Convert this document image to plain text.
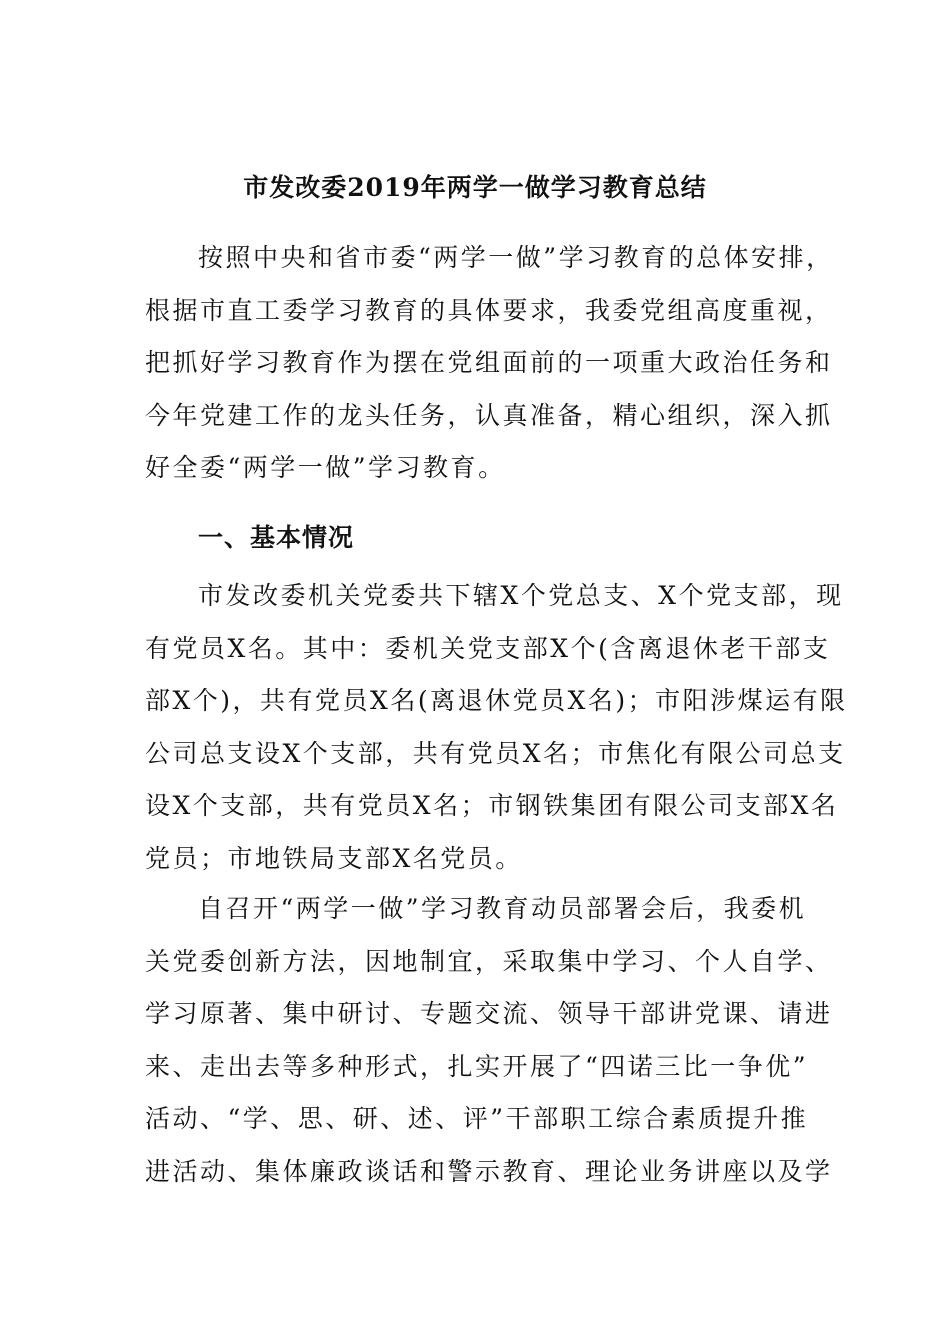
市发改委2019年两学一做学习教育总结
按照中央和省市委“两学一做”学习教育的总体安排，
根据市直工委学习教育的具体要求，我委党组高度重视，
把抓好学习教育作为摆在党组面前的一项重大政治任务和
今年党建工作的龙头任务，认真准备，精心组织，深入抓
好全委“两学一做”学习教育。
一、基本情况
市发改委机关党委共下辖X个党总支、X个党支部，现
有党员X名。其中：委机关党支部X个(含离退休老干部支
部X个)，共有党员X名(离退休党员X名)；市阳涉煤运有限
公司总支设X个支部，共有党员X名；市焦化有限公司总支
设X个支部，共有党员X名；市钢铁集团有限公司支部X名
党员；市地铁局支部X名党员。
自召开“两学一做”学习教育动员部署会后，我委机
关党委创新方法，因地制宜，采取集中学习、个人自学、
学习原著、集中研讨、专题交流、领导干部讲党课、请进
来、走出去等多种形式，扎实开展了“四诺三比一争优”
活动、“学、思、研、述、评”干部职工综合素质提升推
进活动、集体廉政谈话和警示教育、理论业务讲座以及学
